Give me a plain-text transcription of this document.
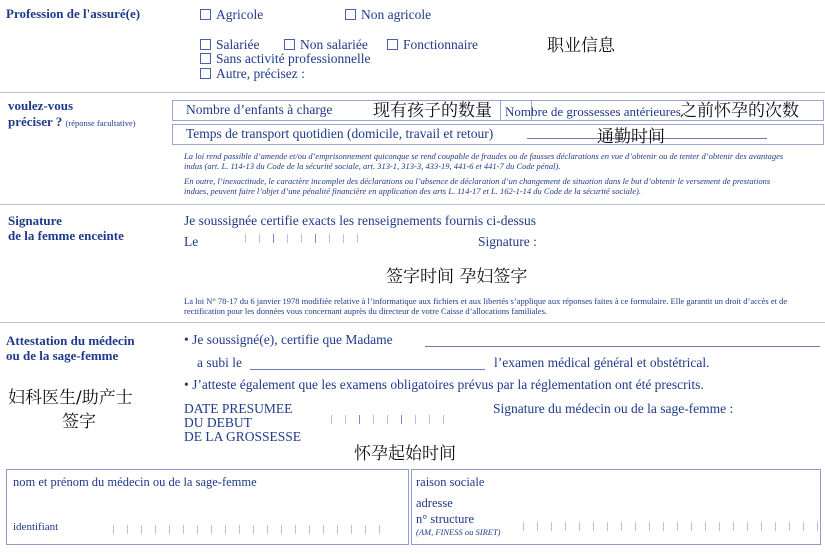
Profession de l'assuré(e)	Agricole	Non agricole
Salariée	Non salariée	Fonctionnaire
Sans activité professionnelle
Autre, précisez :
职业信息
voulez-vous
préciser ? (réponse facultative)
Nombre d’enfants à charge	Nombre de grossesses antérieures
现有孩子的数量	之前怀孕的次数
Temps de transport quotidien (domicile, travail et retour)	通勤时间
La loi rend passible d’amende et/ou d’emprisonnement quiconque se rend coupable de fraudes ou de fausses déclarations en vue d’obtenir ou de tenter d’obtenir des avantages indus (art. L. 114-13 du Code de la sécurité sociale, art. 313-1, 313-3, 433-19, 441-6 et 441-7 du Code pénal).
En outre, l’inexactitude, le caractère incomplet des déclarations ou l’absence de déclaration d’un changement de situation dans le but d’obtenir le versement de prestations indues, peuvent faire l’objet d’une pénalité financière en application des arts L. 114-17 et L. 162-1-14 du Code de la sécurité sociale).
Signature
de la femme enceinte
Je soussignée certifie exacts les renseignements fournis ci-dessus
Le	Signature :
签字时间 孕妇签字
La loi N° 78-17 du 6 janvier 1978 modifiée relative à l’informatique aux fichiers et aux libertés s’applique aux réponses faites à ce formulaire. Elle garantit un droit d’accès et de rectification pour les données vous concernant auprès du directeur de votre Caisse d’allocations familiales.
Attestation du médecin
ou de la sage-femme
• Je soussigné(e), certifie que Madame
a subi le	l’examen médical général et obstétrical.
• J’atteste également que les examens obligatoires prévus par la réglementation ont été prescrits.
DATE PRESUMEE
DU DEBUT
DE LA GROSSESSE
Signature du médecin ou de la sage-femme :
妇科医生/助产士
签字
怀孕起始时间
nom et prénom du médecin ou de la sage-femme
identifiant
raison sociale
adresse
n° structure
(AM, FINESS ou SIRET)
